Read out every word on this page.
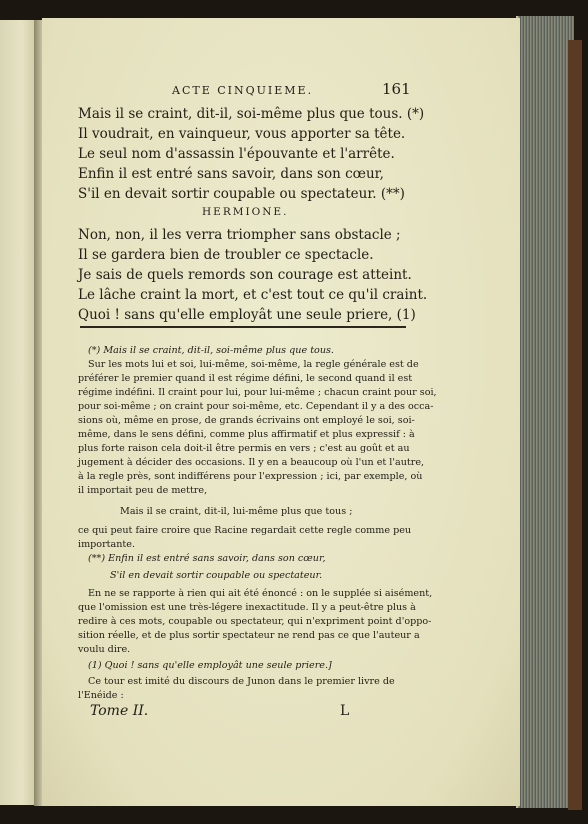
ACTE CINQUIEME.	161
Mais il se craint, dit-il, soi-même plus que tous. (*)
Il voudrait, en vainqueur, vous apporter sa tête.
Le seul nom d'assassin l'épouvante et l'arrête.
Enfin il est entré sans savoir, dans son cœur,
S'il en devait sortir coupable ou spectateur. (**)
HERMIONE.
Non, non, il les verra triompher sans obstacle ;
Il se gardera bien de troubler ce spectacle.
Je sais de quels remords son courage est atteint.
Le lâche craint la mort, et c'est tout ce qu'il craint.
Quoi ! sans qu'elle employât une seule priere, (1)
(*) Mais il se craint, dit-il, soi-même plus que tous.
Sur les mots lui et soi, lui-même, soi-même, la regle générale est de
préférer le premier quand il est régime défini, le second quand il est
régime indéfini. Il craint pour lui, pour lui-même ; chacun craint pour soi,
pour soi-même ; on craint pour soi-même, etc. Cependant il y a des occa-
sions où, même en prose, de grands écrivains ont employé le soi, soi-
même, dans le sens défini, comme plus affirmatif et plus expressif : à
plus forte raison cela doit-il être permis en vers ; c'est au goût et au
jugement à décider des occasions. Il y en a beaucoup où l'un et l'autre,
à la regle près, sont indifférens pour l'expression ; ici, par exemple, où
il importait peu de mettre,
Mais il se craint, dit-il, lui-même plus que tous ;
ce qui peut faire croire que Racine regardait cette regle comme peu
importante.
(**) Enfin il est entré sans savoir, dans son cœur,
S'il en devait sortir coupable ou spectateur.
En ne se rapporte à rien qui ait été énoncé : on le supplée si aisément,
que l'omission est une très-légere inexactitude. Il y a peut-être plus à
redire à ces mots, coupable ou spectateur, qui n'expriment point d'oppo-
sition réelle, et de plus sortir spectateur ne rend pas ce que l'auteur a
voulu dire.
(1) Quoi ! sans qu'elle employât une seule priere.]
Ce tour est imité du discours de Junon dans le premier livre de
l'Enéide :
Tome II.	L
